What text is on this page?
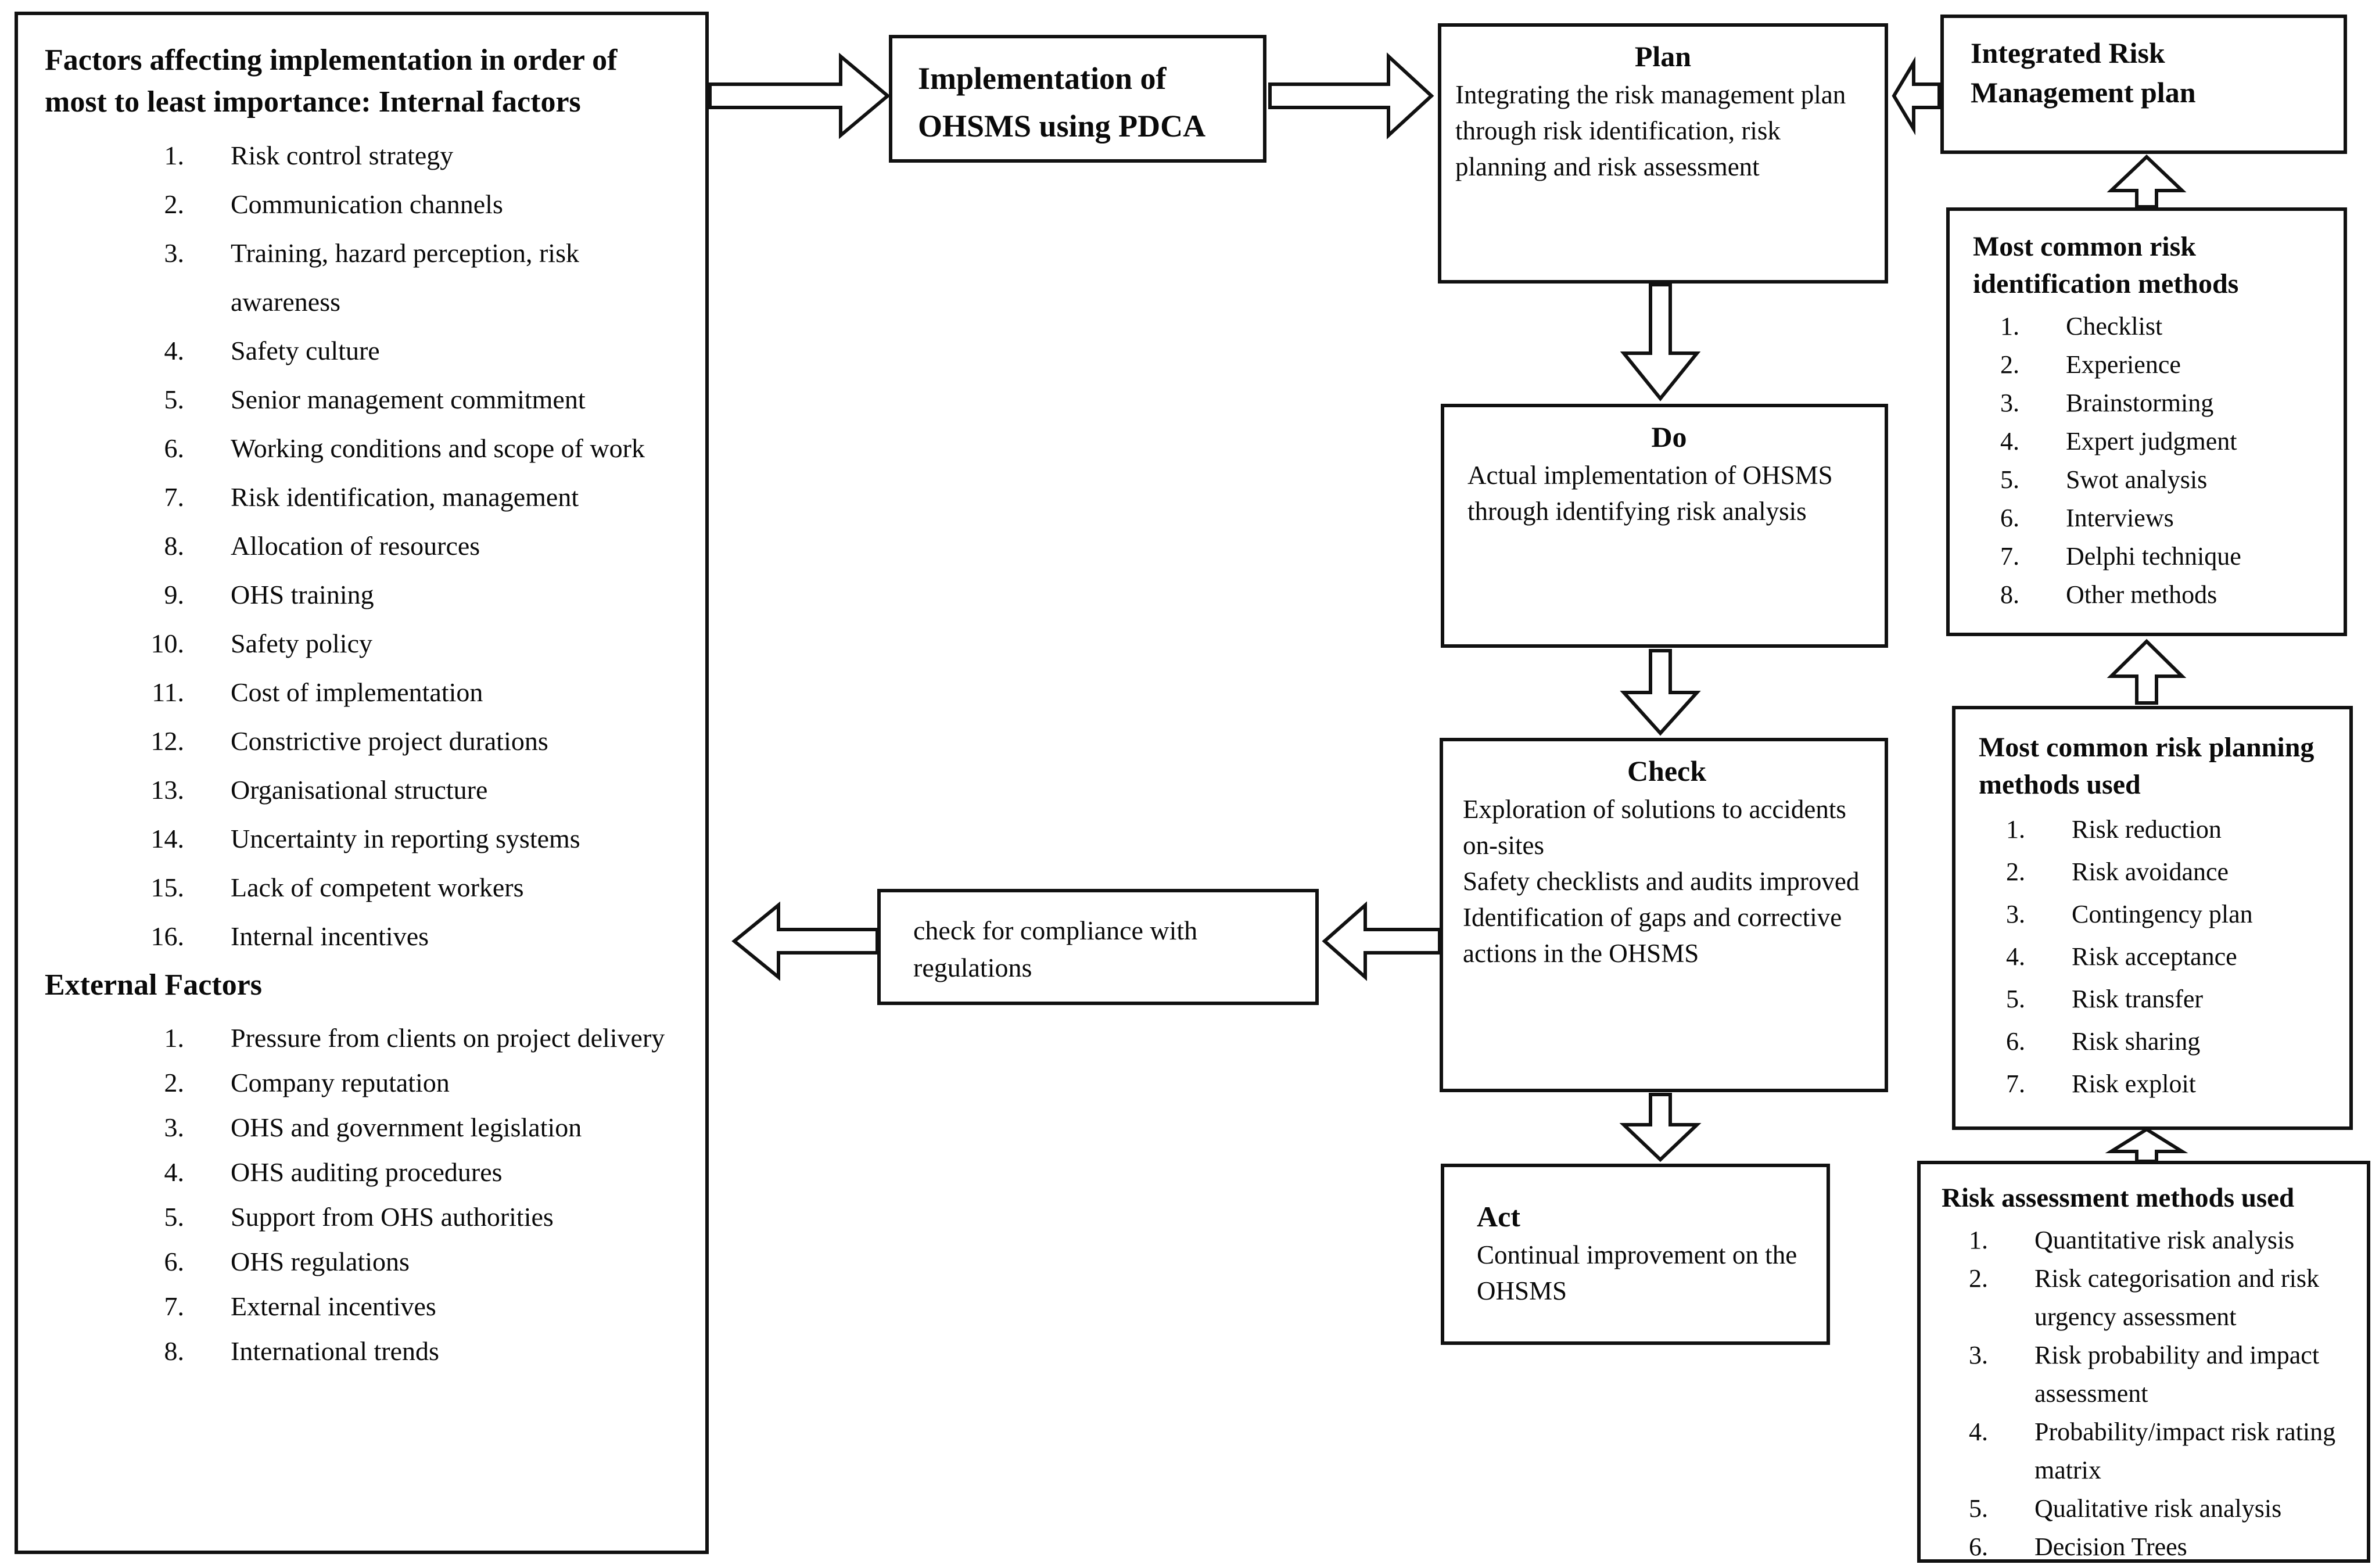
Factors affecting implementation in order of most to least importance: Internal factors
1. Risk control strategy
2. Communication channels
3. Training, hazard perception, risk awareness
4. Safety culture
5. Senior management commitment
6. Working conditions and scope of work
7. Risk identification, management
8. Allocation of resources
9. OHS training
10. Safety policy
11. Cost of implementation
12. Constrictive project durations
13. Organisational structure
14. Uncertainty in reporting systems
15. Lack of competent workers
16. Internal incentives
External Factors
1. Pressure from clients on project delivery
2. Company reputation
3. OHS and government legislation
4. OHS auditing procedures
5. Support from OHS authorities
6. OHS regulations
7. External incentives
8. International trends
Implementation of OHSMS using PDCA
Plan

Integrating the risk management plan through risk identification, risk planning and risk assessment

Do

Actual implementation of OHSMS through identifying risk analysis

Check

Exploration of solutions to accidents on-sites

Safety checklists and audits improved

Identification of gaps and corrective actions in the OHSMS

Act

Continual improvement on the OHSMS

check for compliance with regulations

Integrated Risk Management plan
Most common risk identification methods
1. Checklist
2. Experience
3. Brainstorming
4. Expert judgment
5. Swot analysis
6. Interviews
7. Delphi technique
8. Other methods
Most common risk planning methods used
1. Risk reduction
2. Risk avoidance
3. Contingency plan
4. Risk acceptance
5. Risk transfer
6. Risk sharing
7. Risk exploit
Risk assessment methods used
1. Quantitative risk analysis
2. Risk categorisation and risk urgency assessment
3. Risk probability and impact assessment
4. Probability/impact risk rating matrix
5. Qualitative risk analysis
6. Decision Trees
